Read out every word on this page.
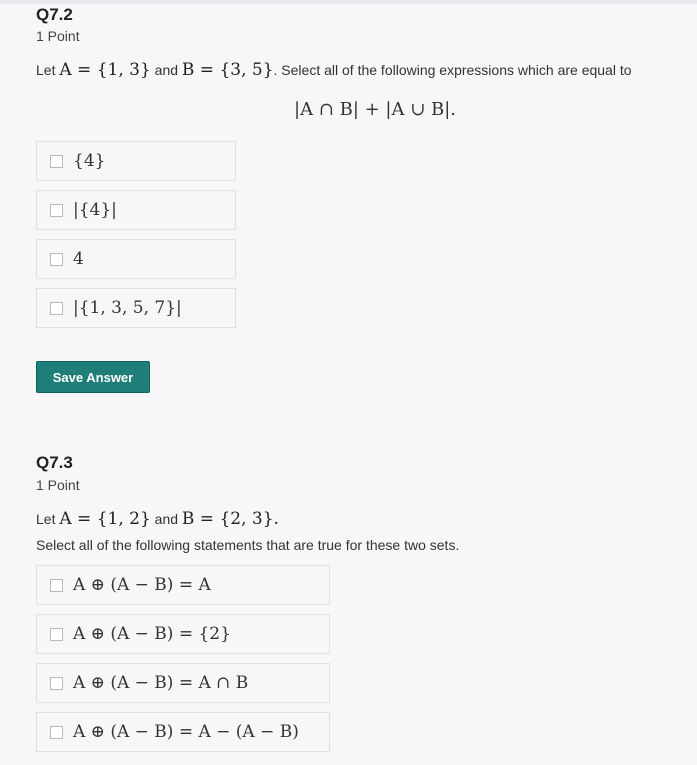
Q7.2
1 Point
Let A = {1, 3} and B = {3, 5}. Select all of the following expressions which are equal to
|A ∩ B| + |A ∪ B|.
{4}
|{4}|
4
|{1, 3, 5, 7}|
Save Answer
Q7.3
1 Point
Let A = {1, 2} and B = {2, 3}.
Select all of the following statements that are true for these two sets.
A ⊕ (A − B) = A
A ⊕ (A − B) = {2}
A ⊕ (A − B) = A ∩ B
A ⊕ (A − B) = A − (A − B)
